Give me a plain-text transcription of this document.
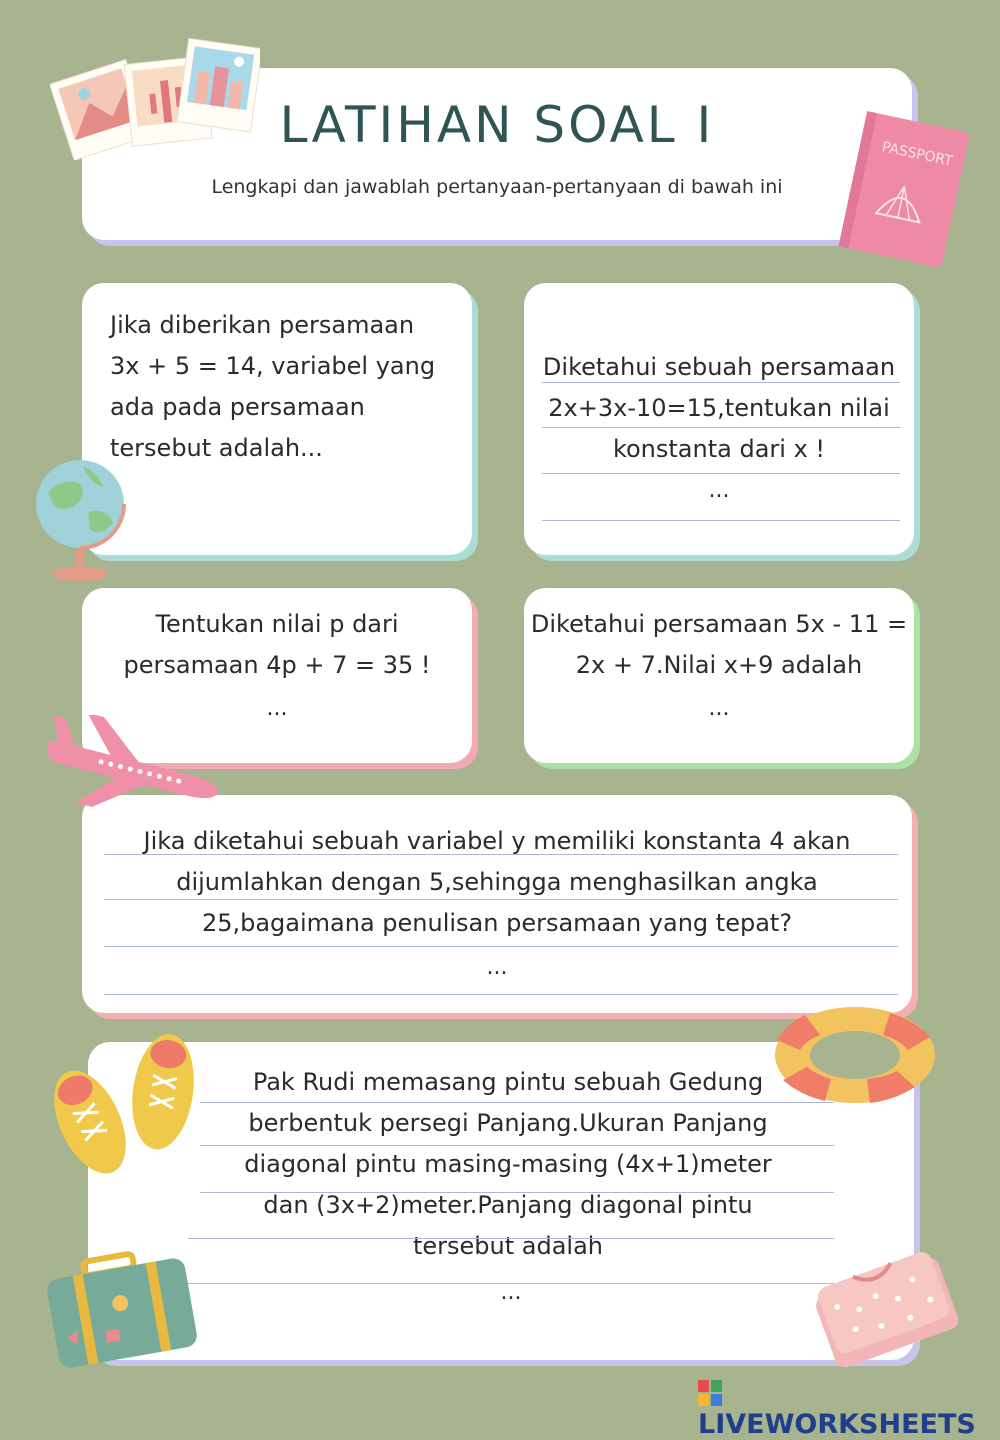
LATIHAN SOAL I
Lengkapi dan jawablah pertanyaan-pertanyaan di bawah ini
Jika diberikan persamaan
3x + 5 = 14, variabel yang
ada pada persamaan
tersebut adalah...
Diketahui sebuah persamaan
2x+3x-10=15,tentukan nilai
konstanta dari x !
...
Tentukan nilai p dari
persamaan 4p + 7 = 35 !
...
Diketahui persamaan 5x - 11 =
2x + 7.Nilai x+9 adalah
...
Jika diketahui sebuah variabel y memiliki konstanta 4 akan
dijumlahkan dengan 5,sehingga menghasilkan angka
25,bagaimana penulisan persamaan yang tepat?
...
Pak Rudi memasang pintu sebuah Gedung
berbentuk persegi Panjang.Ukuran Panjang
diagonal pintu masing-masing (4x+1)meter
dan (3x+2)meter.Panjang diagonal pintu
tersebut adalah
...
PASSPORT
LIVEWORKSHEETS
